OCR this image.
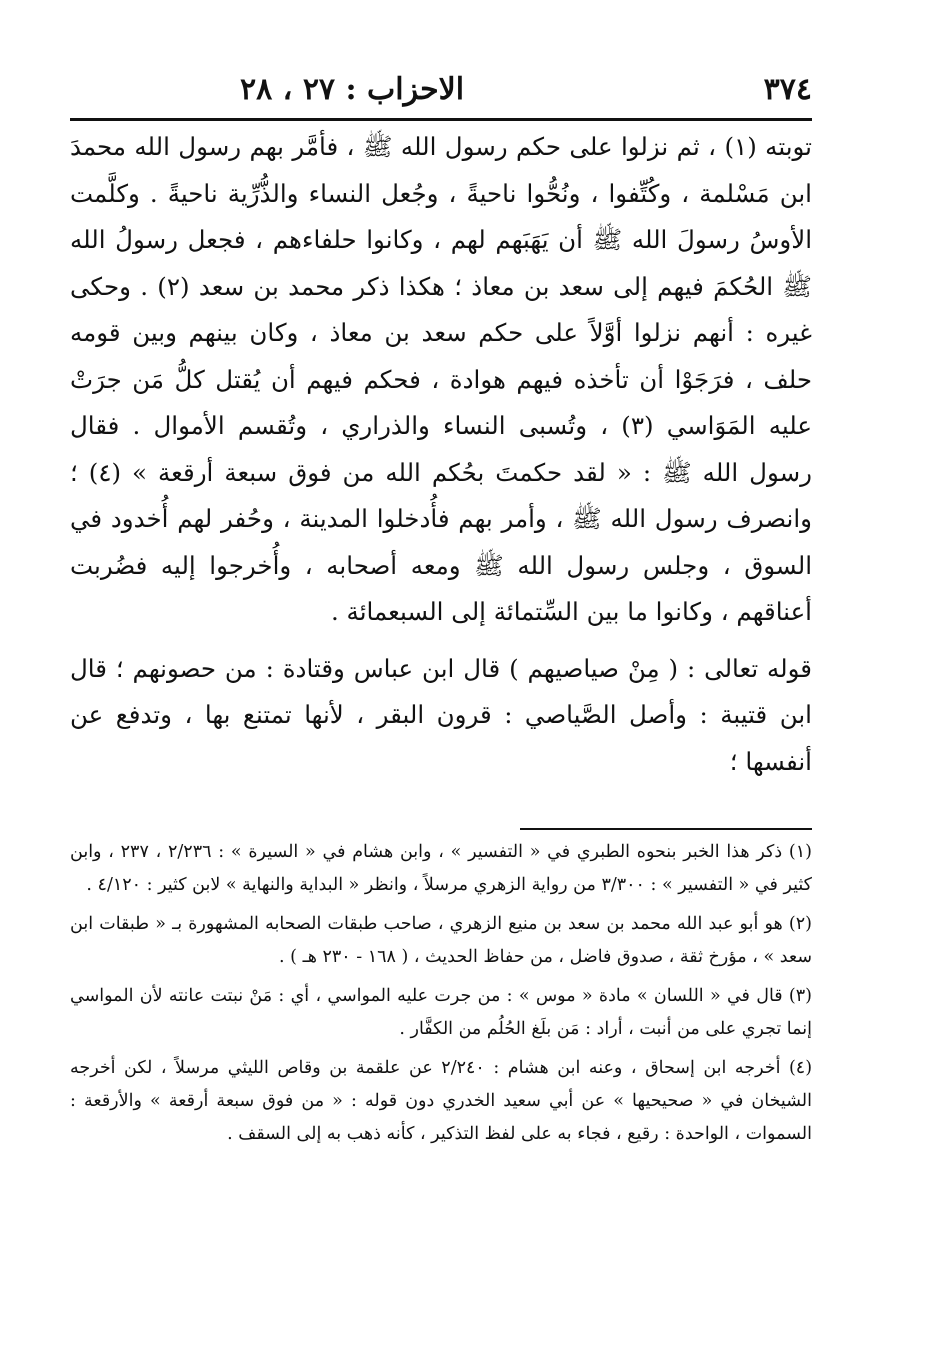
٣٧٤
الاحزاب : ٢٧ ، ٢٨

توبته (١) ، ثم نزلوا على حكم رسول الله ﷺ ، فأمَّر بهم رسول الله محمدَ ابن مَسْلمة ، وكُتِّفوا ، ونُحُّوا ناحيةً ، وجُعل النساء والذُّرِّية ناحيةً . وكلَّمت الأوسُ رسولَ الله ﷺ أن يَهَبَهم لهم ، وكانوا حلفاءهم ، فجعل رسولُ الله ﷺ الحُكمَ فيهم إلى سعد بن معاذ ؛ هكذا ذكر محمد بن سعد (٢) . وحكى غيره : أنهم نزلوا أوَّلاً على حكم سعد بن معاذ ، وكان بينهم وبين قومه حلف ، فرَجَوْا أن تأخذه فيهم هوادة ، فحكم فيهم أن يُقتل كلُّ مَن جرَتْ عليه المَوَاسي (٣) ، وتُسبى النساء والذراري ، وتُقسم الأموال . فقال رسول الله ﷺ : « لقد حكمتَ بحُكم الله من فوق سبعة أرقعة » (٤) ؛ وانصرف رسول الله ﷺ ، وأمر بهم فأُدخلوا المدينة ، وحُفر لهم أُخدود في السوق ، وجلس رسول الله ﷺ ومعه أصحابه ، وأُخرجوا إليه فضُربت أعناقهم ، وكانوا ما بين السِّتمائة إلى السبعمائة .

قوله تعالى : ( مِنْ صياصيهم ) قال ابن عباس وقتادة : من حصونهم ؛ قال ابن قتيبة : وأصل الصَّياصي : قرون البقر ، لأنها تمتنع بها ، وتدفع عن أنفسها ؛

(١) ذكر هذا الخبر بنحوه الطبري في « التفسير » ، وابن هشام في « السيرة » : ٢/٢٣٦ ، ٢٣٧ ، وابن كثير في « التفسير » : ٣/٣٠٠ من رواية الزهري مرسلاً ، وانظر « البداية والنهاية » لابن كثير : ٤/١٢٠ .

(٢) هو أبو عبد الله محمد بن سعد بن منيع الزهري ، صاحب طبقات الصحابه المشهورة بـ « طبقات ابن سعد » ، مؤرخ ثقة ، صدوق فاضل ، من حفاظ الحديث ، ( ١٦٨ - ٢٣٠ هـ ) .

(٣) قال في « اللسان » مادة « موس » : من جرت عليه المواسي ، أي : مَنْ نبتت عانته لأن المواسي إنما تجري على من أنبت ، أراد : مَن بلَغ الحُلُم من الكفَّار .

(٤) أخرجه ابن إسحاق ، وعنه ابن هشام : ٢/٢٤٠ عن علقمة بن وقاص الليثي مرسلاً ، لكن أخرجه الشيخان في « صحيحيها » عن أبي سعيد الخدري دون قوله : « من فوق سبعة أرقعة » والأرقعة : السموات ، الواحدة : رقيع ، فجاء به على لفظ التذكير ، كأنه ذهب به إلى السقف .
